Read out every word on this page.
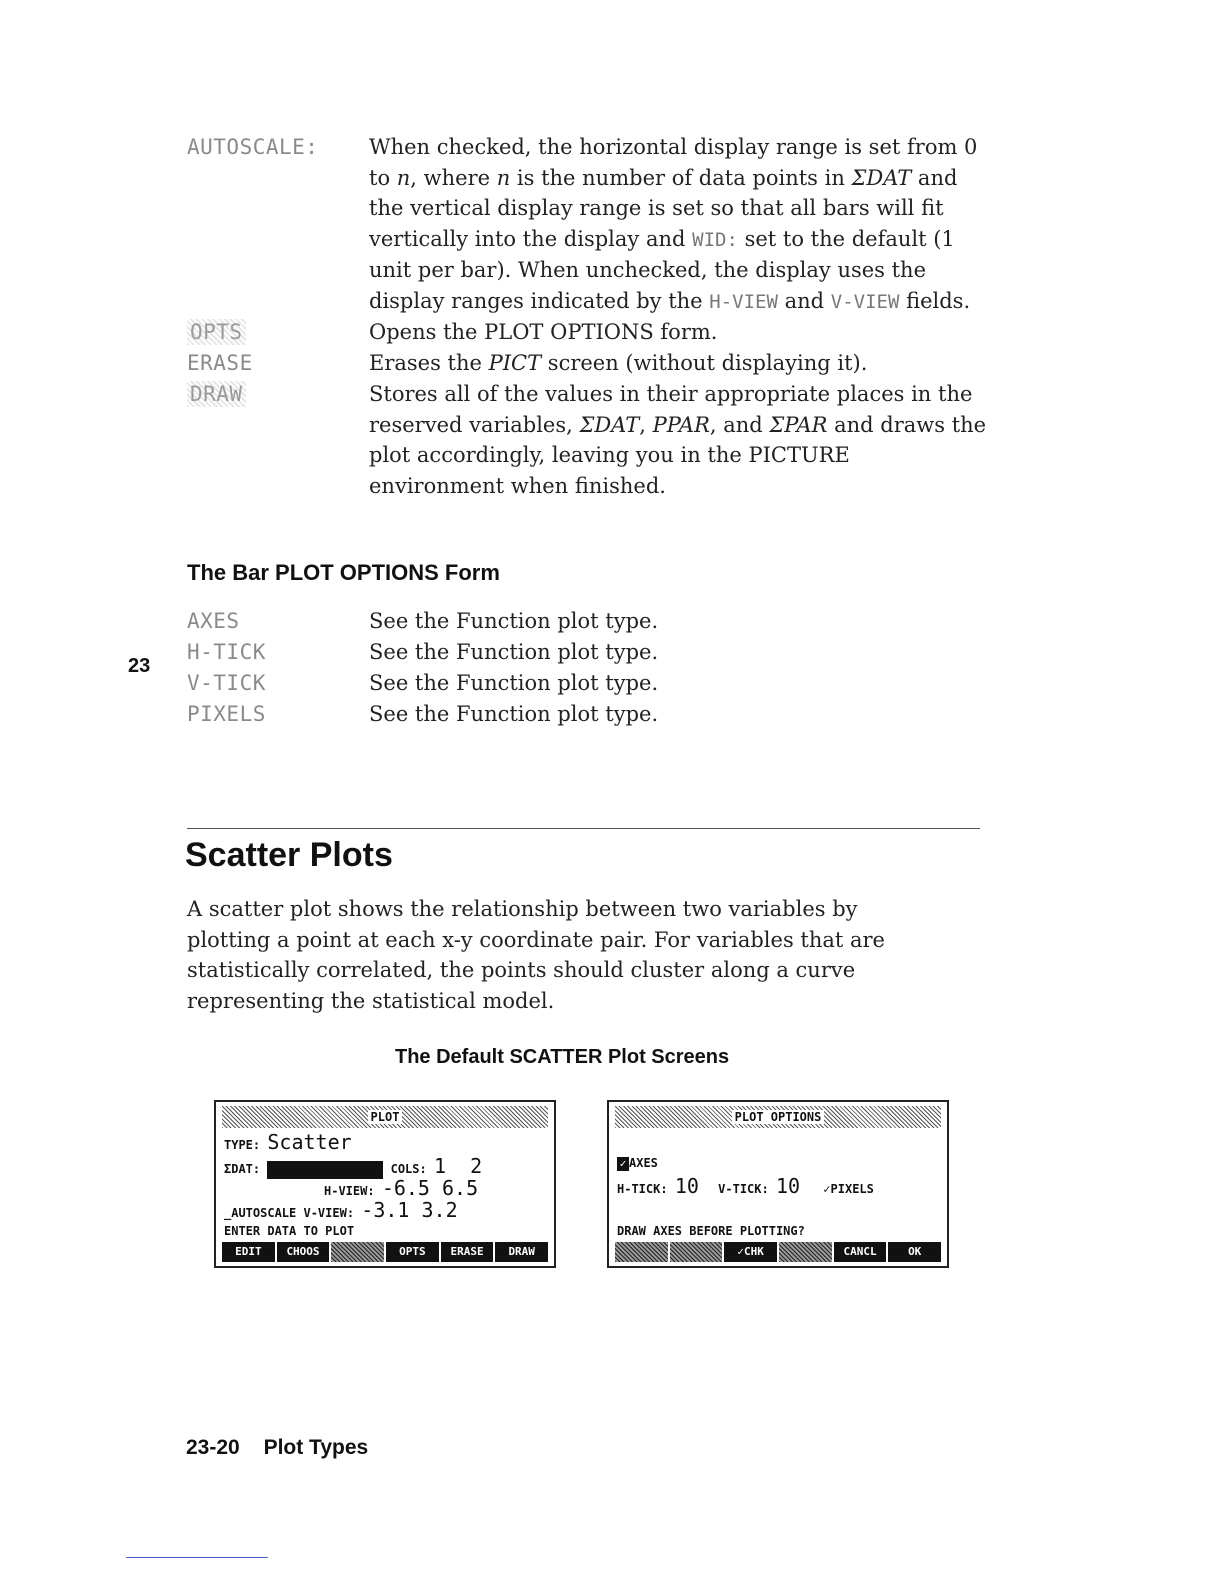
AUTOSCALE:	When checked, the horizontal display range is set from 0 to n, where n is the number of data points in ΣDAT and the vertical display range is set so that all bars will fit vertically into the display and WID: set to the default (1 unit per bar). When unchecked, the display uses the display ranges indicated by the H-VIEW and V-VIEW fields.
OPTS	Opens the PLOT OPTIONS form.
ERASE	Erases the PICT screen (without displaying it).
DRAW	Stores all of the values in their appropriate places in the reserved variables, ΣDAT, PPAR, and ΣPAR and draws the plot accordingly, leaving you in the PICTURE environment when finished.
The Bar PLOT OPTIONS Form
AXES	See the Function plot type.
H-TICK	See the Function plot type.
V-TICK	See the Function plot type.
PIXELS	See the Function plot type.
23
Scatter Plots

A scatter plot shows the relationship between two variables by plotting a point at each x-y coordinate pair. For variables that are statistically correlated, the points should cluster along a curve representing the statistical model.

The Default SCATTER Plot Screens

PLOT
TYPE: Scatter
ΣDAT:	COLS: 1  2
H-VIEW: -6.5 6.5
_AUTOSCALE V-VIEW: -3.1 3.2
ENTER DATA TO PLOT
EDIT	CHOOS	OPTS	ERASE	DRAW
PLOT OPTIONS
✓ AXES
H-TICK: 10 V-TICK: 10 ✓PIXELS
DRAW AXES BEFORE PLOTTING?
✓CHK	CANCL	OK
23-20 Plot Types
